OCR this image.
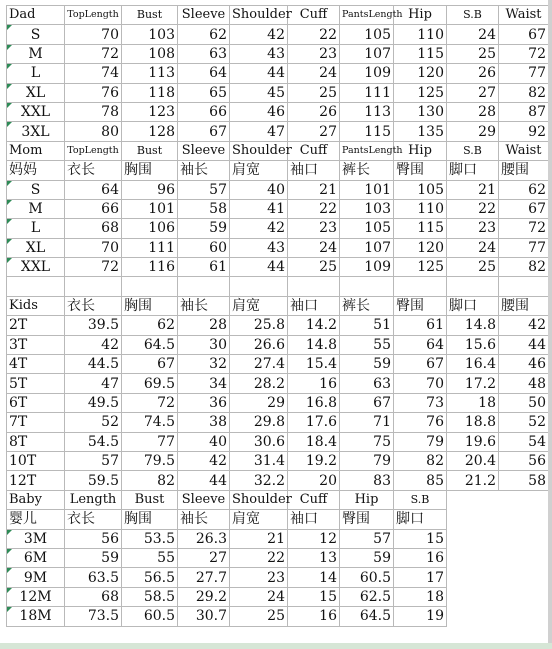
Dad	TopLength	Bust	Sleeve	Shoulder	Cuff	PantsLength	Hip	S.B	Waist

S	70	103	62	42	22	105	110	24	67

M	72	108	63	43	23	107	115	25	72

L	74	113	64	44	24	109	120	26	77

XL	76	118	65	45	25	111	125	27	82

XXL	78	123	66	46	26	113	130	28	87

3XL	80	128	67	47	27	115	135	29	92
Mom	TopLength	Bust	Sleeve	Shoulder	Cuff	PantsLength	Hip	S.B	Waist
妈妈	衣长	胸围	袖长	肩宽	袖口	裤长	臀围	脚口	腰围

S	64	96	57	40	21	101	105	21	62

M	66	101	58	41	22	103	110	22	67

L	68	106	59	42	23	105	115	23	72

XL	70	111	60	43	24	107	120	24	77

XXL	72	116	61	44	25	109	125	25	82

Kids	衣长	胸围	袖长	肩宽	袖口	裤长	臀围	脚口	腰围
2T	39.5	62	28	25.8	14.2	51	61	14.8	42
3T	42	64.5	30	26.6	14.8	55	64	15.6	44
4T	44.5	67	32	27.4	15.4	59	67	16.4	46
5T	47	69.5	34	28.2	16	63	70	17.2	48
6T	49.5	72	36	29	16.8	67	73	18	50
7T	52	74.5	38	29.8	17.6	71	76	18.8	52
8T	54.5	77	40	30.6	18.4	75	79	19.6	54
10T	57	79.5	42	31.4	19.2	79	82	20.4	56
12T	59.5	82	44	32.2	20	83	85	21.2	58
Baby	Length	Bust	Sleeve	Shoulder	Cuff	Hip	S.B		
婴儿	衣长	胸围	袖长	肩宽	袖口	臀围	脚口		

3M	56	53.5	26.3	21	12	57	15		

6M	59	55	27	22	13	59	16		

9M	63.5	56.5	27.7	23	14	60.5	17		

12M	68	58.5	29.2	24	15	62.5	18		

18M	73.5	60.5	30.7	25	16	64.5	19		
